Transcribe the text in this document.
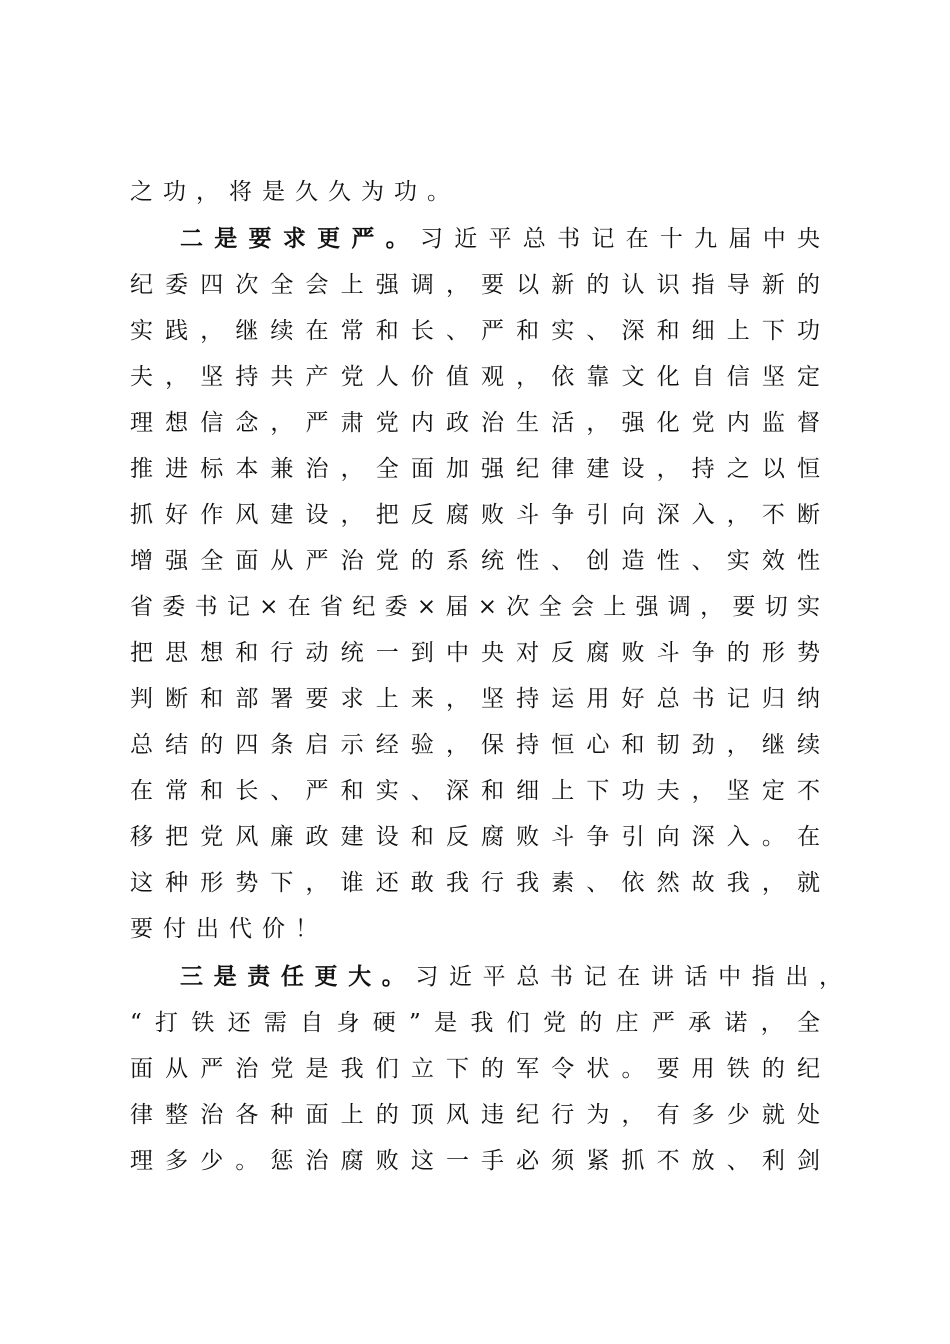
之功，将是久久为功。
二是要求更严。习近平总书记在十九届中央
纪委四次全会上强调，要以新的认识指导新的
实践，继续在常和长、严和实、深和细上下功
夫，坚持共产党人价值观，依靠文化自信坚定
理想信念，严肃党内政治生活，强化党内监督
推进标本兼治，全面加强纪律建设，持之以恒
抓好作风建设，把反腐败斗争引向深入，不断
增强全面从严治党的系统性、创造性、实效性
省委书记×在省纪委×届×次全会上强调，要切实
把思想和行动统一到中央对反腐败斗争的形势
判断和部署要求上来，坚持运用好总书记归纳
总结的四条启示经验，保持恒心和韧劲，继续
在常和长、严和实、深和细上下功夫，坚定不
移把党风廉政建设和反腐败斗争引向深入。在
这种形势下，谁还敢我行我素、依然故我，就
要付出代价！
三是责任更大。习近平总书记在讲话中指出，
“打铁还需自身硬”是我们党的庄严承诺，全
面从严治党是我们立下的军令状。要用铁的纪
律整治各种面上的顶风违纪行为，有多少就处
理多少。惩治腐败这一手必须紧抓不放、利剑
